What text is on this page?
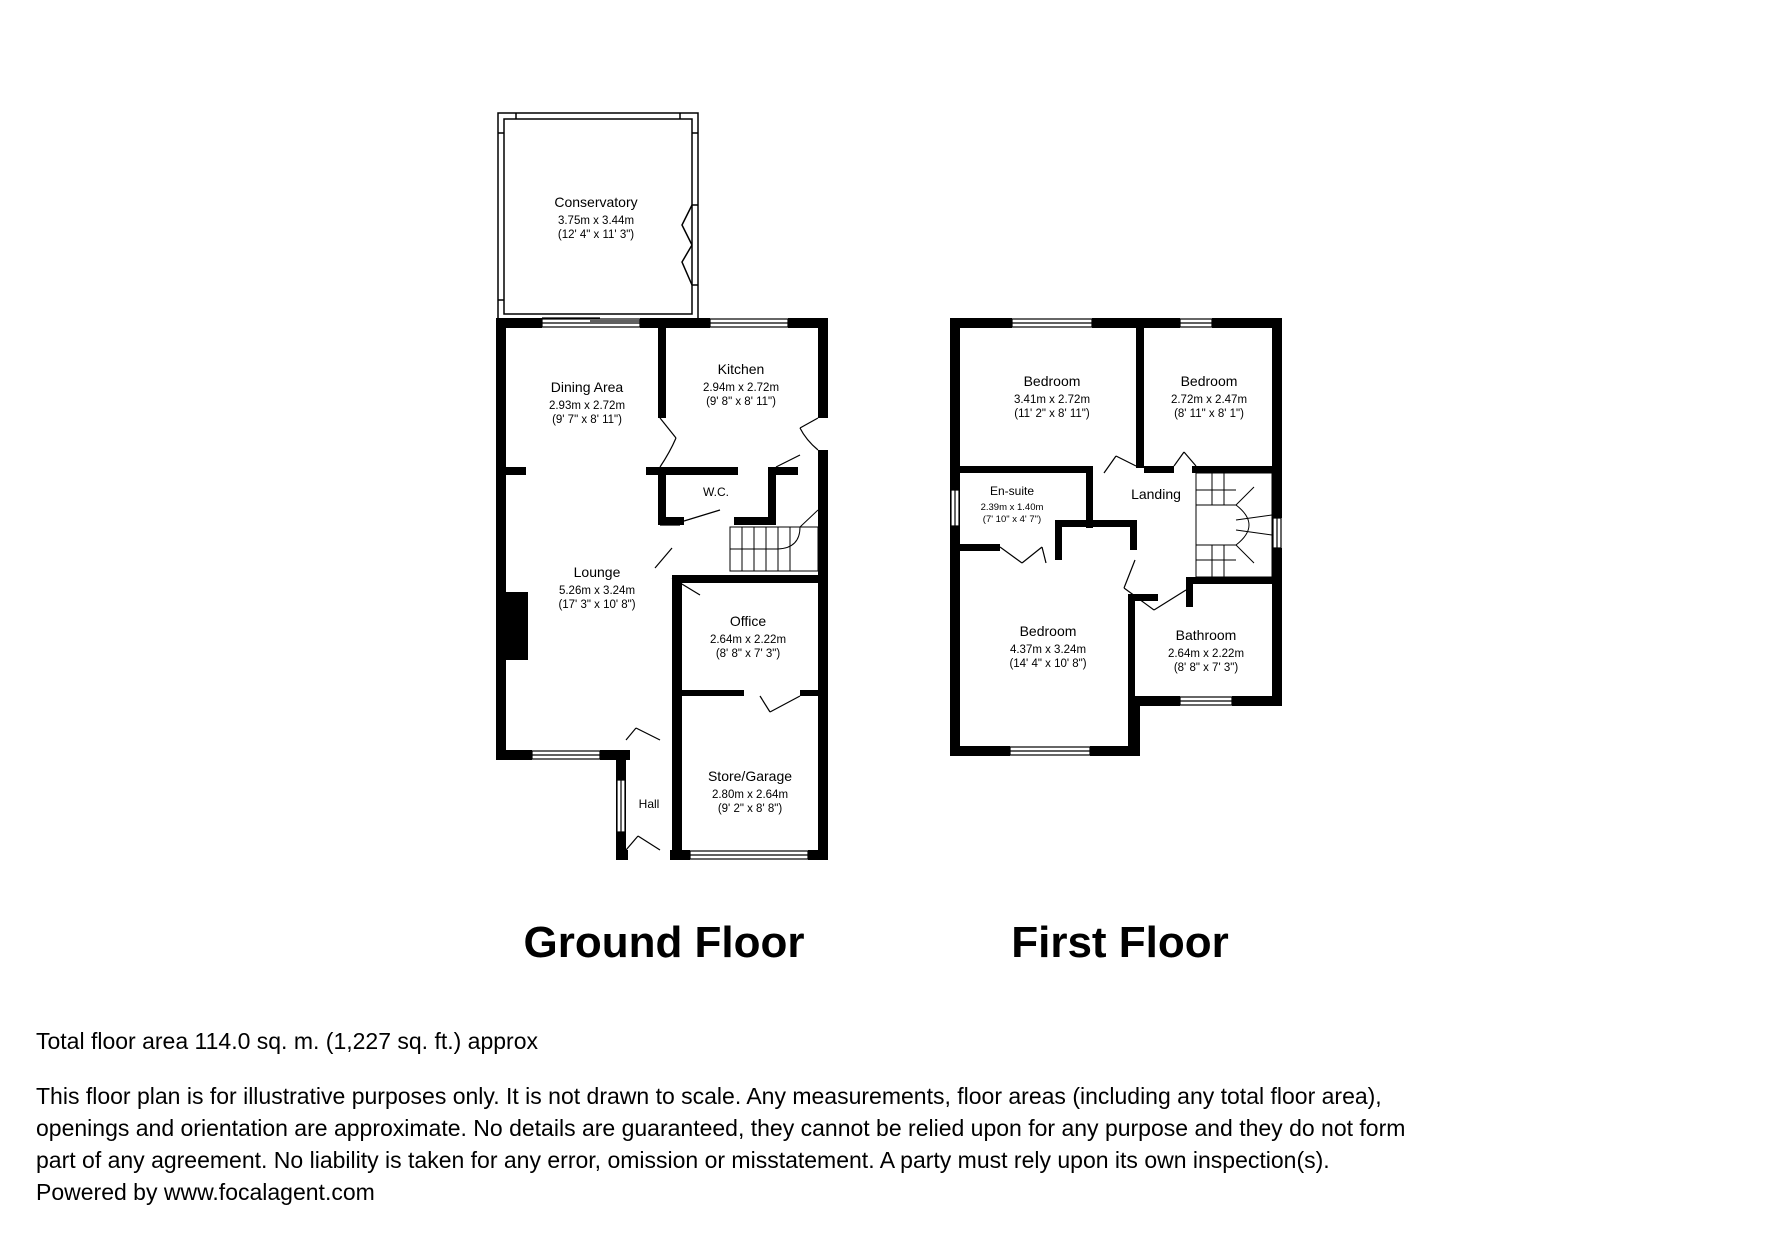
Conservatory
3.75m x 3.44m
(12' 4" x 11' 3")
Dining Area
2.93m x 2.72m
(9' 7" x 8' 11")
Kitchen
2.94m x 2.72m
(9' 8" x 8' 11")
W.C.
Lounge
5.26m x 3.24m
(17' 3" x 10' 8")
Office
2.64m x 2.22m
(8' 8" x 7' 3")
Store/Garage
2.80m x 2.64m
(9' 2" x 8' 8")
Hall
Bedroom
3.41m x 2.72m
(11' 2" x 8' 11")
Bedroom
2.72m x 2.47m
(8' 11" x 8' 1")
En-suite
2.39m x 1.40m
(7' 10" x 4' 7")
Landing
Bedroom
4.37m x 3.24m
(14' 4" x 10' 8")
Bathroom
2.64m x 2.22m
(8' 8" x 7' 3")
Ground Floor	First Floor
Total floor area 114.0 sq. m. (1,227 sq. ft.) approx
This floor plan is for illustrative purposes only. It is not drawn to scale. Any measurements, floor areas (including any total floor area),
openings and orientation are approximate. No details are guaranteed, they cannot be relied upon for any purpose and they do not form
part of any agreement. No liability is taken for any error, omission or misstatement. A party must rely upon its own inspection(s).
Powered by www.focalagent.com
